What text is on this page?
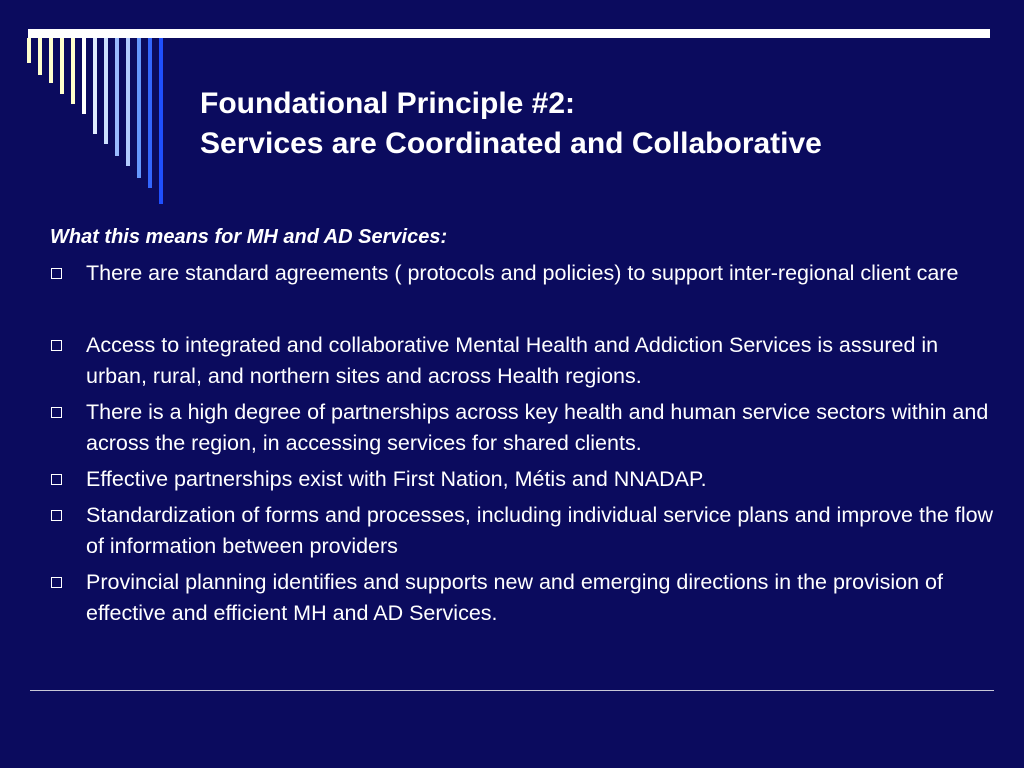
Foundational Principle #2:
Services are Coordinated and Collaborative

What this means for MH and AD Services:

There are standard agreements ( protocols and policies) to support inter-regional client care
Access to integrated and collaborative Mental Health and Addiction Services is assured in urban, rural, and northern sites and across Health regions.
There is a high degree of partnerships across key health and human service sectors within and across the region, in accessing services for shared clients.
Effective partnerships exist with First Nation, Métis and NNADAP.
Standardization of forms and processes, including individual service plans and improve the flow of information between providers
Provincial planning identifies and supports new and emerging directions in the provision of effective and efficient MH and AD Services.
